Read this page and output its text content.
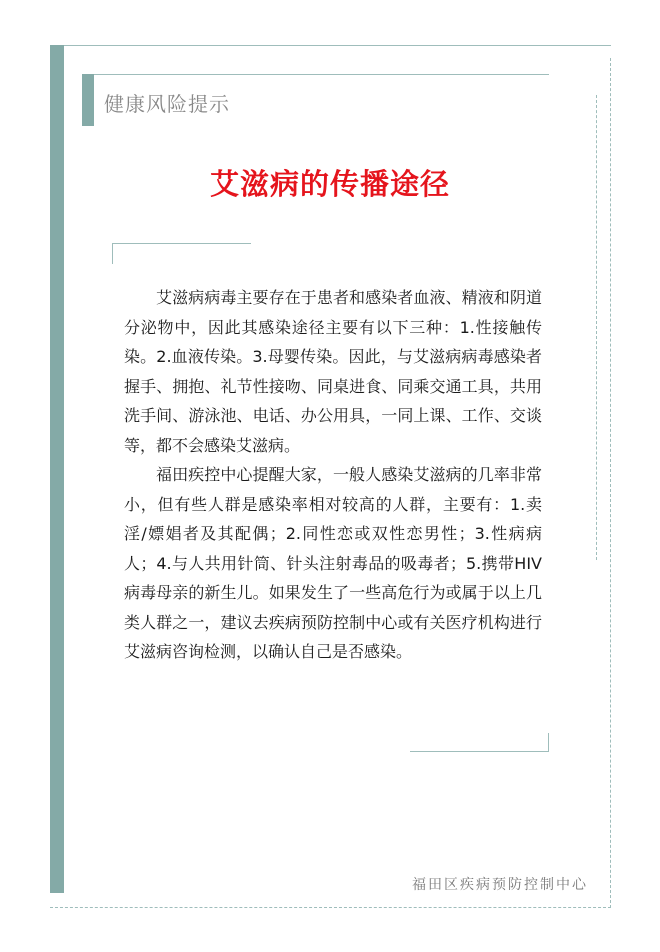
健康风险提示
艾滋病的传播途径

艾滋病病毒主要存在于患者和感染者血液、精液和阴道分泌物中，因此其感染途径主要有以下三种：1.性接触传染。2.血液传染。3.母婴传染。因此，与艾滋病病毒感染者握手、拥抱、礼节性接吻、同桌进食、同乘交通工具，共用洗手间、游泳池、电话、办公用具，一同上课、工作、交谈等，都不会感染艾滋病。

福田疾控中心提醒大家，一般人感染艾滋病的几率非常小，但有些人群是感染率相对较高的人群，主要有：1.卖淫/嫖娼者及其配偶；2.同性恋或双性恋男性；3.性病病人；4.与人共用针筒、针头注射毒品的吸毒者；5.携带HIV病毒母亲的新生儿。如果发生了一些高危行为或属于以上几类人群之一，建议去疾病预防控制中心或有关医疗机构进行艾滋病咨询检测，以确认自己是否感染。

福田区疾病预防控制中心
